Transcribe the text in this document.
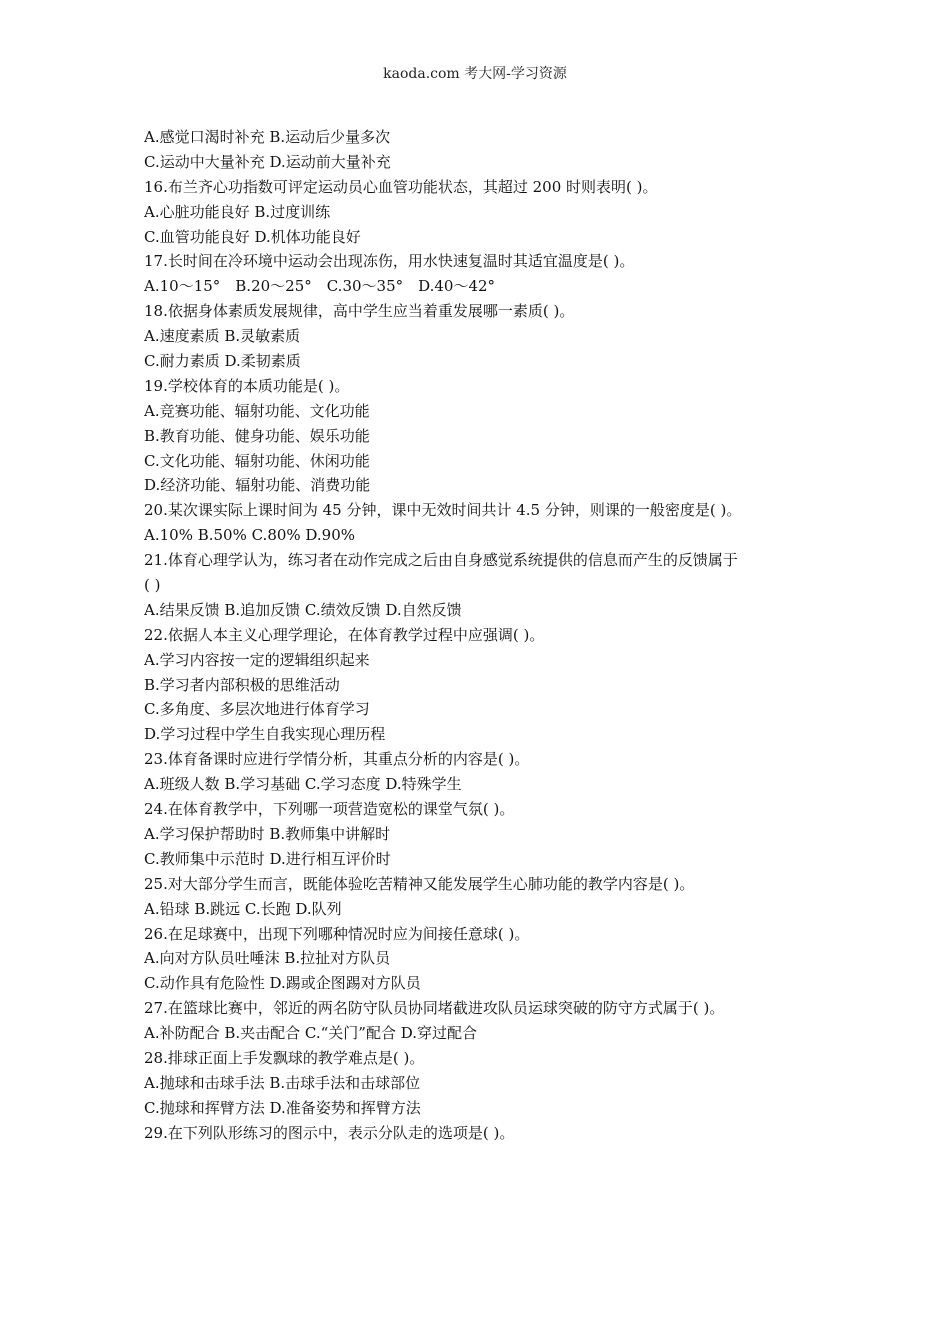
kaoda.com 考大网-学习资源
A.感觉口渴时补充 B.运动后少量多次
C.运动中大量补充 D.运动前大量补充
16.布兰齐心功指数可评定运动员心血管功能状态，其超过 200 时则表明( )。
A.心脏功能良好 B.过度训练
C.血管功能良好 D.机体功能良好
17.长时间在冷环境中运动会出现冻伤，用水快速复温时其适宜温度是( )。
A.10～15°　B.20～25°　C.30～35°　D.40～42°
18.依据身体素质发展规律，高中学生应当着重发展哪一素质( )。
A.速度素质 B.灵敏素质
C.耐力素质 D.柔韧素质
19.学校体育的本质功能是( )。
A.竞赛功能、辐射功能、文化功能
B.教育功能、健身功能、娱乐功能
C.文化功能、辐射功能、休闲功能
D.经济功能、辐射功能、消费功能
20.某次课实际上课时间为 45 分钟，课中无效时间共计 4.5 分钟，则课的一般密度是( )。
A.10% B.50% C.80% D.90%
21.体育心理学认为，练习者在动作完成之后由自身感觉系统提供的信息而产生的反馈属于
( )
A.结果反馈 B.追加反馈 C.绩效反馈 D.自然反馈
22.依据人本主义心理学理论，在体育教学过程中应强调( )。
A.学习内容按一定的逻辑组织起来
B.学习者内部积极的思维活动
C.多角度、多层次地进行体育学习
D.学习过程中学生自我实现心理历程
23.体育备课时应进行学情分析，其重点分析的内容是( )。
A.班级人数 B.学习基础 C.学习态度 D.特殊学生
24.在体育教学中，下列哪一项营造宽松的课堂气氛( )。
A.学习保护帮助时 B.教师集中讲解时
C.教师集中示范时 D.进行相互评价时
25.对大部分学生而言，既能体验吃苦精神又能发展学生心肺功能的教学内容是( )。
A.铅球 B.跳远 C.长跑 D.队列
26.在足球赛中，出现下列哪种情况时应为间接任意球( )。
A.向对方队员吐唾沫 B.拉扯对方队员
C.动作具有危险性 D.踢或企图踢对方队员
27.在篮球比赛中，邻近的两名防守队员协同堵截进攻队员运球突破的防守方式属于( )。
A.补防配合 B.夹击配合 C.“关门”配合 D.穿过配合
28.排球正面上手发飘球的教学难点是( )。
A.抛球和击球手法 B.击球手法和击球部位
C.抛球和挥臂方法 D.准备姿势和挥臂方法
29.在下列队形练习的图示中，表示分队走的选项是( )。
